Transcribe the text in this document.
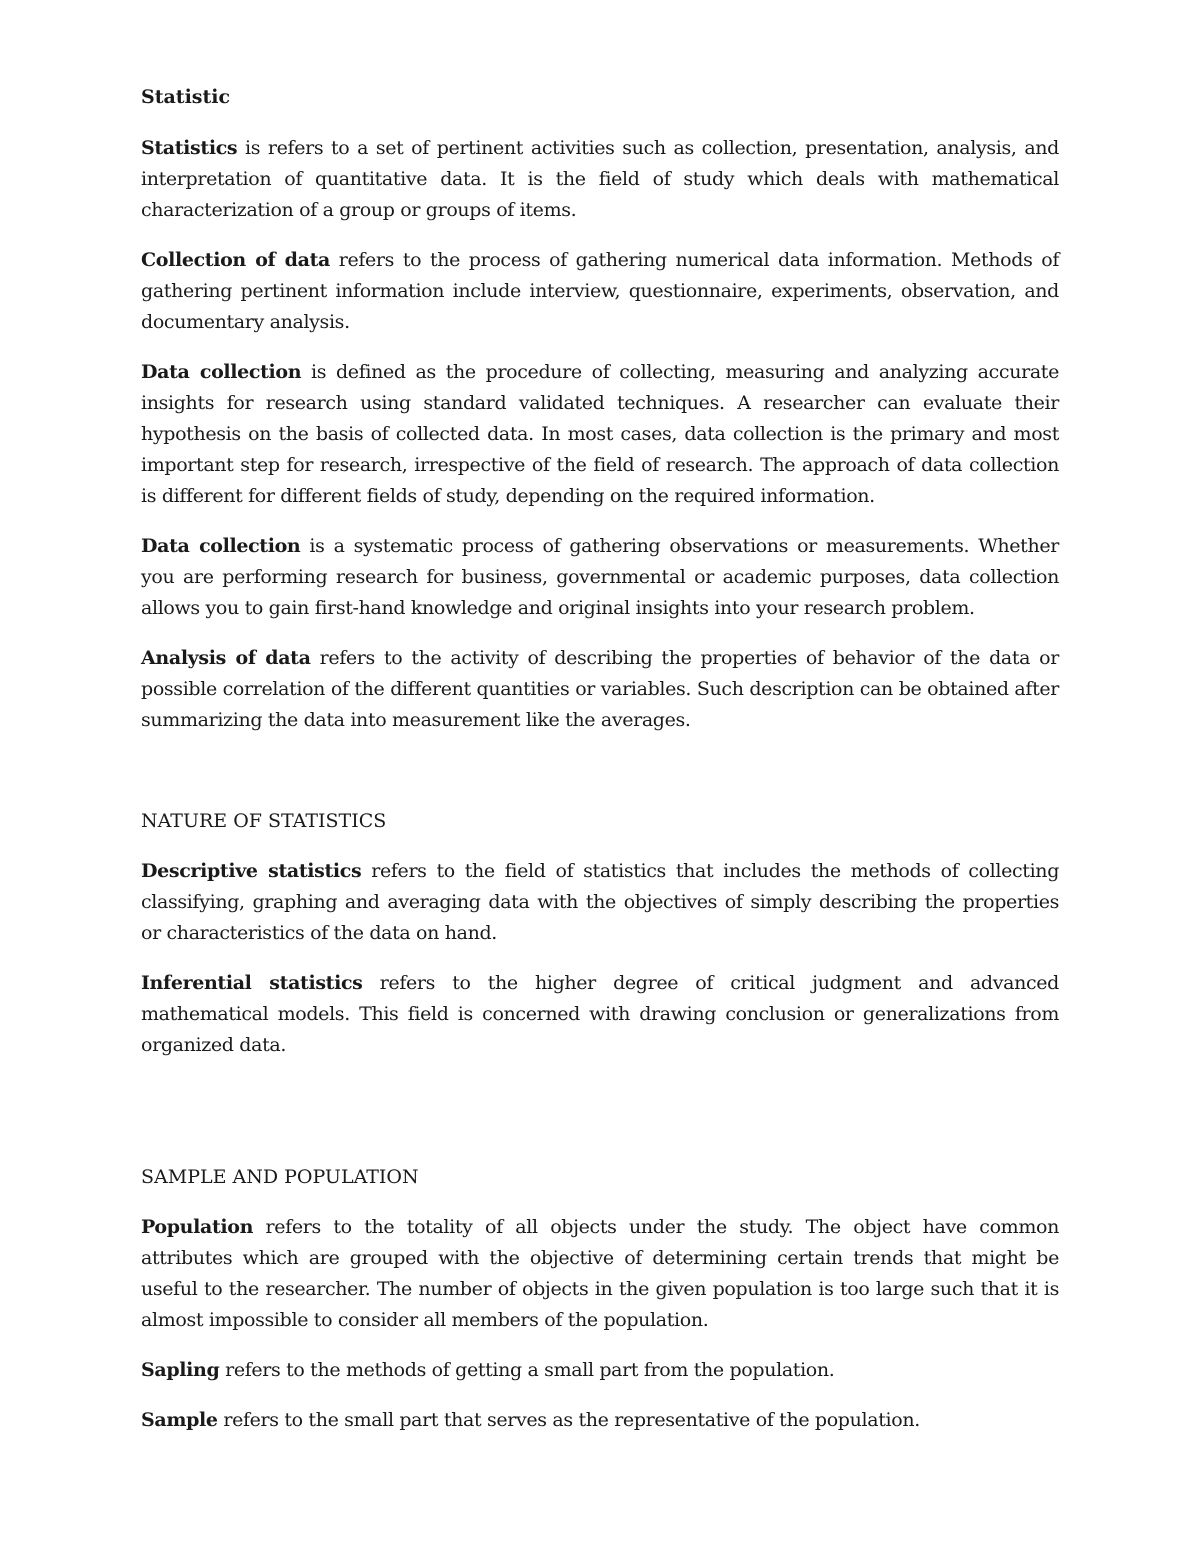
Statistic

Statistics is refers to a set of pertinent activities such as collection, presentation, analysis, and interpretation of quantitative data. It is the field of study which deals with mathematical characterization of a group or groups of items.

Collection of data refers to the process of gathering numerical data information. Methods of gathering pertinent information include interview, questionnaire, experiments, observation, and documentary analysis.

Data collection is defined as the procedure of collecting, measuring and analyzing accurate insights for research using standard validated techniques. A researcher can evaluate their hypothesis on the basis of collected data. In most cases, data collection is the primary and most important step for research, irrespective of the field of research. The approach of data collection is different for different fields of study, depending on the required information.

Data collection is a systematic process of gathering observations or measurements. Whether you are performing research for business, governmental or academic purposes, data collection allows you to gain first-hand knowledge and original insights into your research problem.

Analysis of data refers to the activity of describing the properties of behavior of the data or possible correlation of the different quantities or variables. Such description can be obtained after summarizing the data into measurement like the averages.

NATURE OF STATISTICS

Descriptive statistics refers to the field of statistics that includes the methods of collecting classifying, graphing and averaging data with the objectives of simply describing the properties or characteristics of the data on hand.

Inferential statistics refers to the higher degree of critical judgment and advanced mathematical models. This field is concerned with drawing conclusion or generalizations from organized data.

SAMPLE AND POPULATION

Population refers to the totality of all objects under the study. The object have common attributes which are grouped with the objective of determining certain trends that might be useful to the researcher. The number of objects in the given population is too large such that it is almost impossible to consider all members of the population.

Sapling refers to the methods of getting a small part from the population.

Sample refers to the small part that serves as the representative of the population.
